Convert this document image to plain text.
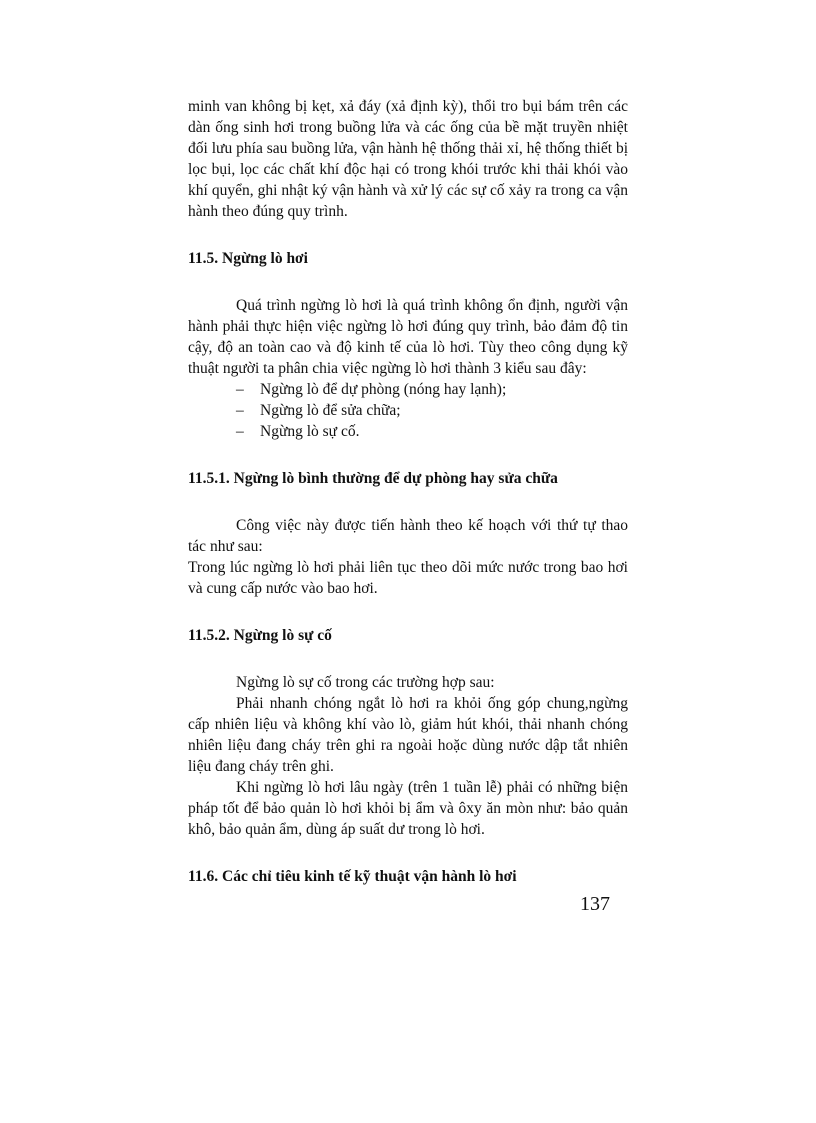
minh van không bị kẹt, xả đáy (xả định kỳ), thổi tro bụi bám trên các dàn ống sinh hơi trong buồng lửa và các ống của bề mặt truyền nhiệt đối lưu phía sau buồng lửa, vận hành hệ thống thải xỉ, hệ thống thiết bị lọc bụi, lọc các chất khí độc hại có trong khói trước khi thải khói vào khí quyển, ghi nhật ký vận hành và xử lý các sự cố xảy ra trong ca vận hành theo đúng quy trình.

11.5. Ngừng lò hơi

Quá trình ngừng lò hơi là quá trình không ổn định, người vận hành phải thực hiện việc ngừng lò hơi đúng quy trình, bảo đảm độ tin cậy, độ an toàn cao và độ kinh tế của lò hơi. Tùy theo công dụng kỹ thuật người ta phân chia việc ngừng lò hơi thành 3 kiểu sau đây:

– Ngừng lò để dự phòng (nóng hay lạnh);
– Ngừng lò để sửa chữa;
– Ngừng lò sự cố.
11.5.1. Ngừng lò bình thường để dự phòng hay sửa chữa

Công việc này được tiến hành theo kế hoạch với thứ tự thao tác như sau:

Trong lúc ngừng lò hơi phải liên tục theo dõi mức nước trong bao hơi và cung cấp nước vào bao hơi.

11.5.2. Ngừng lò sự cố

Ngừng lò sự cố trong các trường hợp sau:

Phải nhanh chóng ngắt lò hơi ra khỏi ống góp chung,ngừng cấp nhiên liệu và không khí vào lò, giảm hút khói, thải nhanh chóng nhiên liệu đang cháy trên ghi ra ngoài hoặc dùng nước dập tắt nhiên liệu đang cháy trên ghi.

Khi ngừng lò hơi lâu ngày (trên 1 tuần lễ) phải có những biện pháp tốt để bảo quản lò hơi khỏi bị ẩm và ôxy ăn mòn như: bảo quản khô, bảo quản ẩm, dùng áp suất dư trong lò hơi.

11.6. Các chỉ tiêu kinh tế kỹ thuật vận hành lò hơi
137
